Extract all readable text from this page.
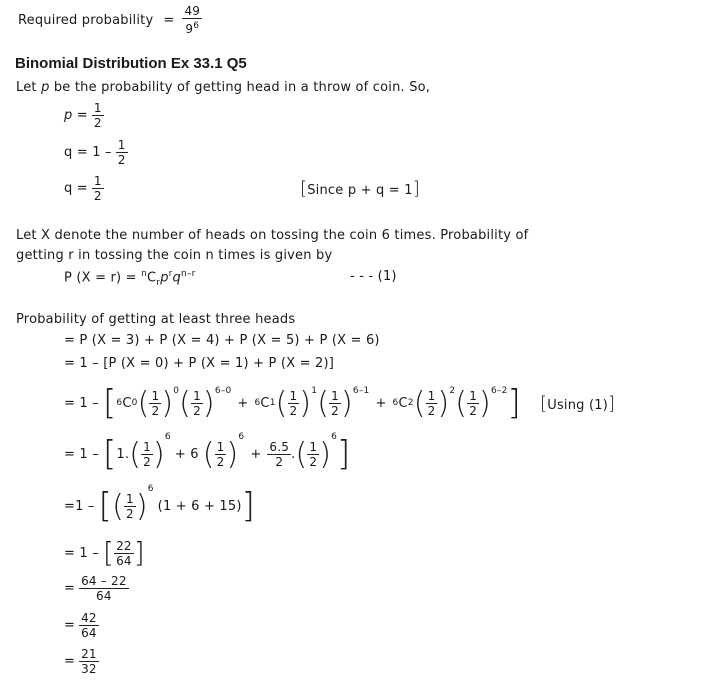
Required probability = $\frac{49}{9^6}$
Binomial Distribution Ex 33.1 Q5
Let p be the probability of getting head in a throw of coin. So,
$p = \frac{1}{2}$
$q = 1 - \frac{1}{2}$
$q = \frac{1}{2}$	[Since p + q = 1]
Let X denote the number of heads on tossing the coin 6 times. Probability of
getting r in tossing the coin n times is given by
P $(X = r) = ^nC_rp^rq^{n-r}$	- - - (1)
Probability of getting at least three heads
= P (X = 3) + P (X = 4) + P (X = 5) + P (X = 6)
= 1 – [P (X = 0) + P (X = 1) + P (X = 2)]
= 1 – [ 6 C 0 ( $\frac{1}{2}$ ) 0 ( $\frac{1}{2}$ ) 6–0
+ 6 C 1 ( $\frac{1}{2}$ ) 1 ( $\frac{1}{2}$ ) 6–1
+ 6 C 2 ( $\frac{1}{2}$ ) 2 ( $\frac{1}{2}$ ) 6–2 ] [Using (1)]
= 1 – [ 1. ( $\frac{1}{2}$ ) 6
+ 6 ( $\frac{1}{2}$ ) 6
+ $\frac{6.5}{2}$ . ( $\frac{1}{2}$ ) 6 ]
=1 – [ ( $\frac{1}{2}$ ) 6
(1 + 6 + 15) ]
= 1 – [ $\frac{22}{64}$ ]
= $\frac{64 - 22}{64}$
= $\frac{42}{64}$
= $\frac{21}{32}$
